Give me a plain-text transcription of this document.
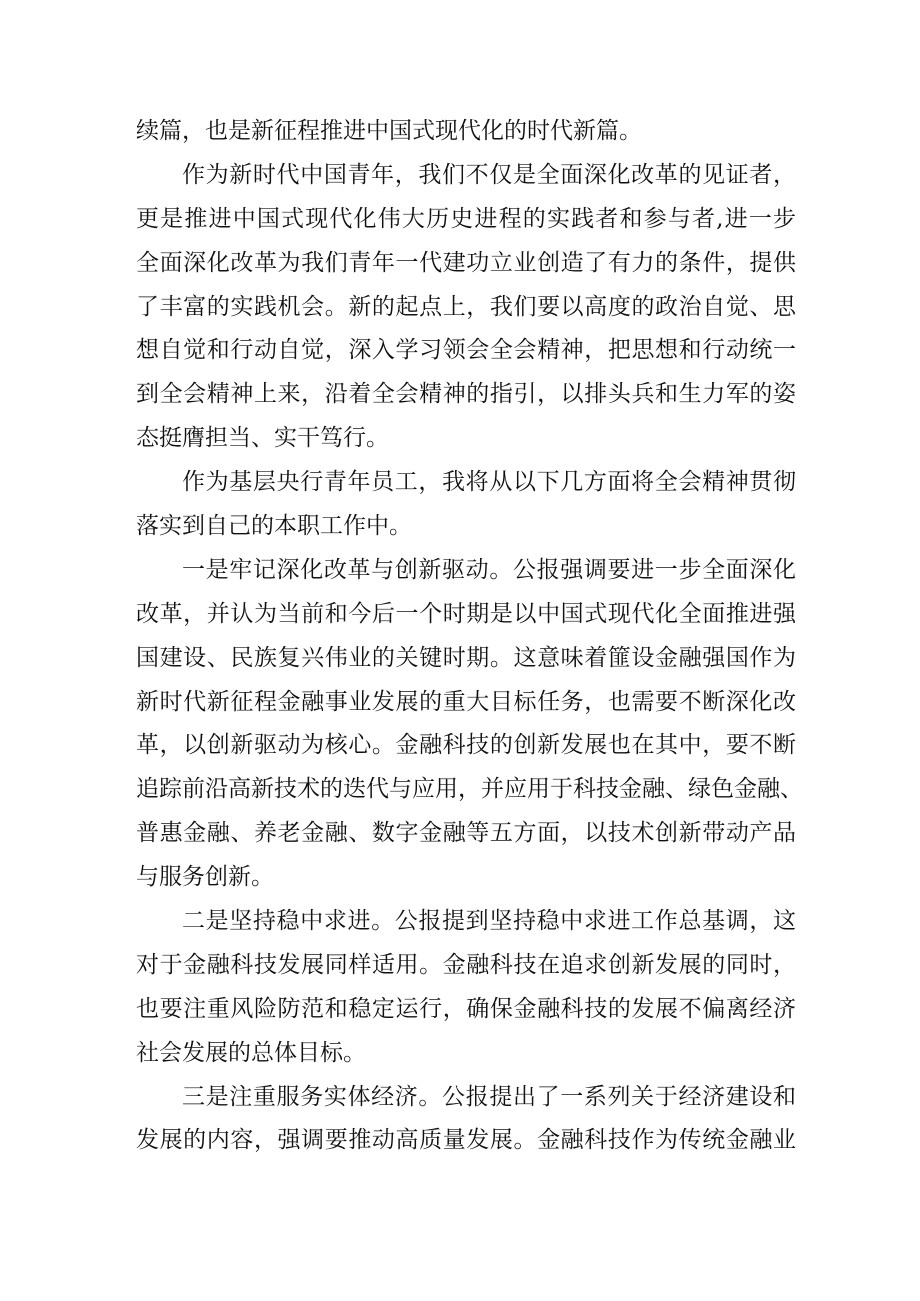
续篇，也是新征程推进中国式现代化的时代新篇。
作为新时代中国青年，我们不仅是全面深化改革的见证者，
更是推进中国式现代化伟大历史进程的实践者和参与者,进一步
全面深化改革为我们青年一代建功立业创造了有力的条件，提供
了丰富的实践机会。新的起点上，我们要以高度的政治自觉、思
想自觉和行动自觉，深入学习领会全会精神，把思想和行动统一
到全会精神上来，沿着全会精神的指引，以排头兵和生力军的姿
态挺膺担当、实干笃行。
作为基层央行青年员工，我将从以下几方面将全会精神贯彻
落实到自己的本职工作中。
一是牢记深化改革与创新驱动。公报强调要进一步全面深化
改革，并认为当前和今后一个时期是以中国式现代化全面推进强
国建设、民族复兴伟业的关键时期。这意味着篚设金融强国作为
新时代新征程金融事业发展的重大目标任务，也需要不断深化改
革，以创新驱动为核心。金融科技的创新发展也在其中，要不断
追踪前沿高新技术的迭代与应用，并应用于科技金融、绿色金融、
普惠金融、养老金融、数字金融等五方面，以技术创新带动产品
与服务创新。
二是坚持稳中求进。公报提到坚持稳中求进工作总基调，这
对于金融科技发展同样适用。金融科技在追求创新发展的同时，
也要注重风险防范和稳定运行，确保金融科技的发展不偏离经济
社会发展的总体目标。
三是注重服务实体经济。公报提出了一系列关于经济建设和
发展的内容，强调要推动高质量发展。金融科技作为传统金融业
